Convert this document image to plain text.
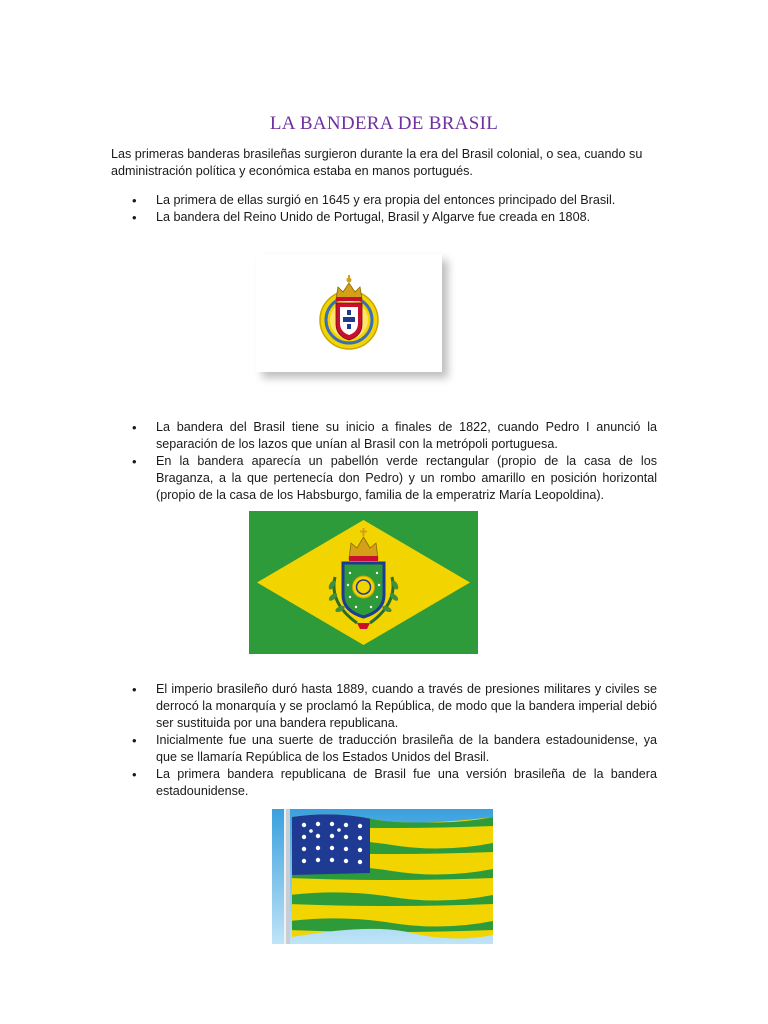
LA BANDERA DE BRASIL

Las primeras banderas brasileñas surgieron durante la era del Brasil colonial, o sea, cuando su administración política y económica estaba en manos portugués.

• La primera de ellas surgió en 1645 y era propia del entonces principado del Brasil.
• La bandera del Reino Unido de Portugal, Brasil y Algarve fue creada en 1808.
• La bandera del Brasil tiene su inicio a finales de 1822, cuando Pedro I anunció la separación de los lazos que unían al Brasil con la metrópoli portuguesa.
• En la bandera aparecía un pabellón verde rectangular (propio de la casa de los Braganza, a la que pertenecía don Pedro) y un rombo amarillo en posición horizontal (propio de la casa de los Habsburgo, familia de la emperatriz María Leopoldina).
• El imperio brasileño duró hasta 1889, cuando a través de presiones militares y civiles se derrocó la monarquía y se proclamó la República, de modo que la bandera imperial debió ser sustituida por una bandera republicana.
• Inicialmente fue una suerte de traducción brasileña de la bandera estadounidense, ya que se llamaría República de los Estados Unidos del Brasil.
• La primera bandera republicana de Brasil fue una versión brasileña de la bandera estadounidense.
